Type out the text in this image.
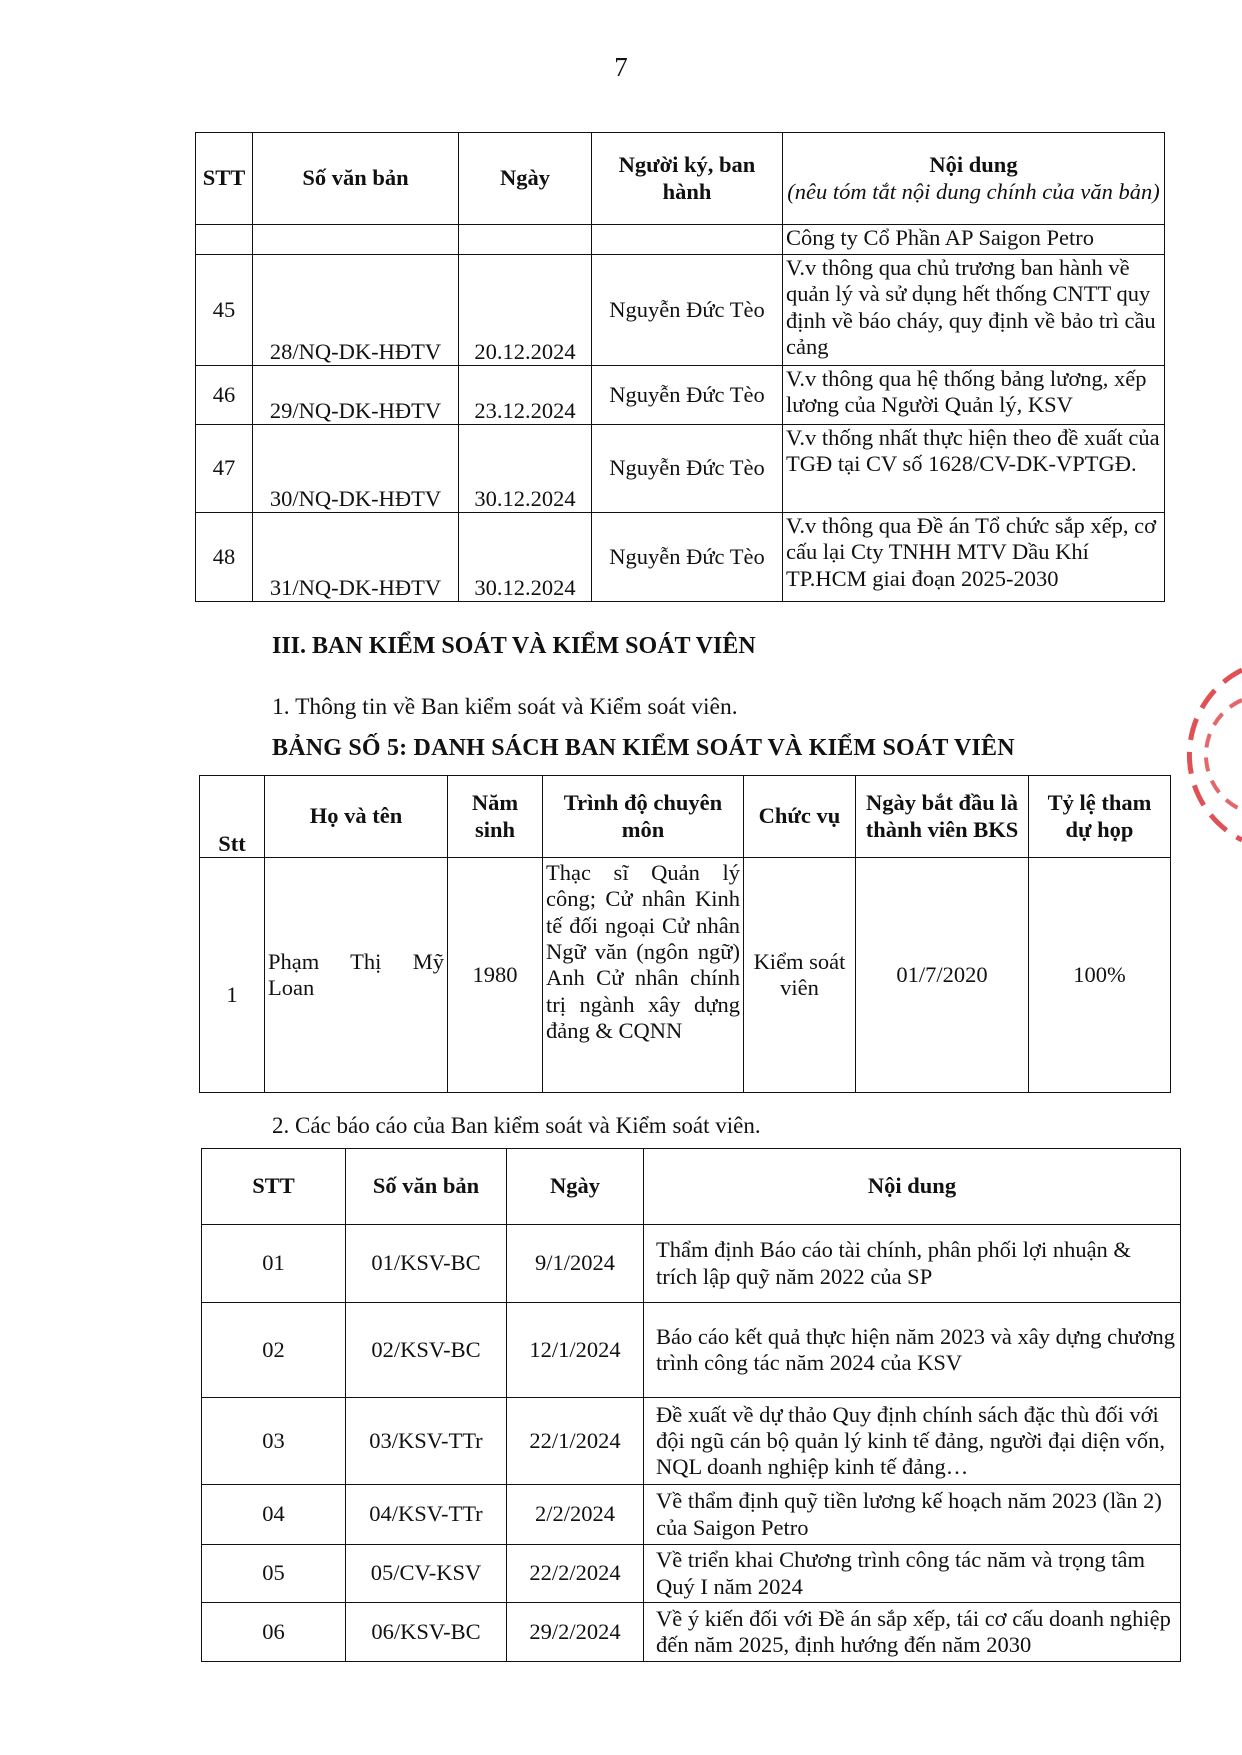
7
STT	Số văn bản	Ngày	Người ký, ban hành	Nội dung
(nêu tóm tắt nội dung chính của văn bản)

				Công ty Cổ Phần AP Saigon Petro
45	28/NQ-DK-HĐTV	20.12.2024	Nguyễn Đức Tèo	V.v thông qua chủ trương ban hành về quản lý và sử dụng hết thống CNTT quy định về báo cháy, quy định về bảo trì cầu cảng
46	29/NQ-DK-HĐTV	23.12.2024	Nguyễn Đức Tèo	V.v thông qua hệ thống bảng lương, xếp lương của Người Quản lý, KSV
47	30/NQ-DK-HĐTV	30.12.2024	Nguyễn Đức Tèo	V.v thống nhất thực hiện theo đề xuất của TGĐ tại CV số 1628/CV-DK-VPTGĐ.
48	31/NQ-DK-HĐTV	30.12.2024	Nguyễn Đức Tèo	V.v thông qua Đề án Tổ chức sắp xếp, cơ cấu lại Cty TNHH MTV Dầu Khí TP.HCM giai đoạn 2025-2030
III. BAN KIỂM SOÁT VÀ KIỂM SOÁT VIÊN
1. Thông tin về Ban kiểm soát và Kiểm soát viên.
BẢNG SỐ 5: DANH SÁCH BAN KIỂM SOÁT VÀ KIỂM SOÁT VIÊN
Stt	Họ và tên	Năm sinh	Trình độ chuyên môn	Chức vụ	Ngày bắt đầu là thành viên BKS	Tỷ lệ tham dự họp
1	Phạm Thị Mỹ Loan	1980	Thạc sĩ Quản lý công; Cử nhân Kinh tế đối ngoại Cử nhân Ngữ văn (ngôn ngữ) Anh Cử nhân chính trị ngành xây dựng đảng & CQNN	Kiểm soát viên	01/7/2020	100%
2. Các báo cáo của Ban kiểm soát và Kiểm soát viên.
STT	Số văn bản	Ngày	Nội dung
01	01/KSV-BC	9/1/2024	Thẩm định Báo cáo tài chính, phân phối lợi nhuận & trích lập quỹ năm 2022 của SP
02	02/KSV-BC	12/1/2024	Báo cáo kết quả thực hiện năm 2023 và xây dựng chương trình công tác năm 2024 của KSV
03	03/KSV-TTr	22/1/2024	Đề xuất về dự thảo Quy định chính sách đặc thù đối với đội ngũ cán bộ quản lý kinh tế đảng, người đại diện vốn, NQL doanh nghiệp kinh tế đảng…
04	04/KSV-TTr	2/2/2024	Về thẩm định quỹ tiền lương kế hoạch năm 2023 (lần 2) của Saigon Petro
05	05/CV-KSV	22/2/2024	Về triển khai Chương trình công tác năm và trọng tâm Quý I năm 2024
06	06/KSV-BC	29/2/2024	Về ý kiến đối với Đề án sắp xếp, tái cơ cấu doanh nghiệp đến năm 2025, định hướng đến năm 2030
